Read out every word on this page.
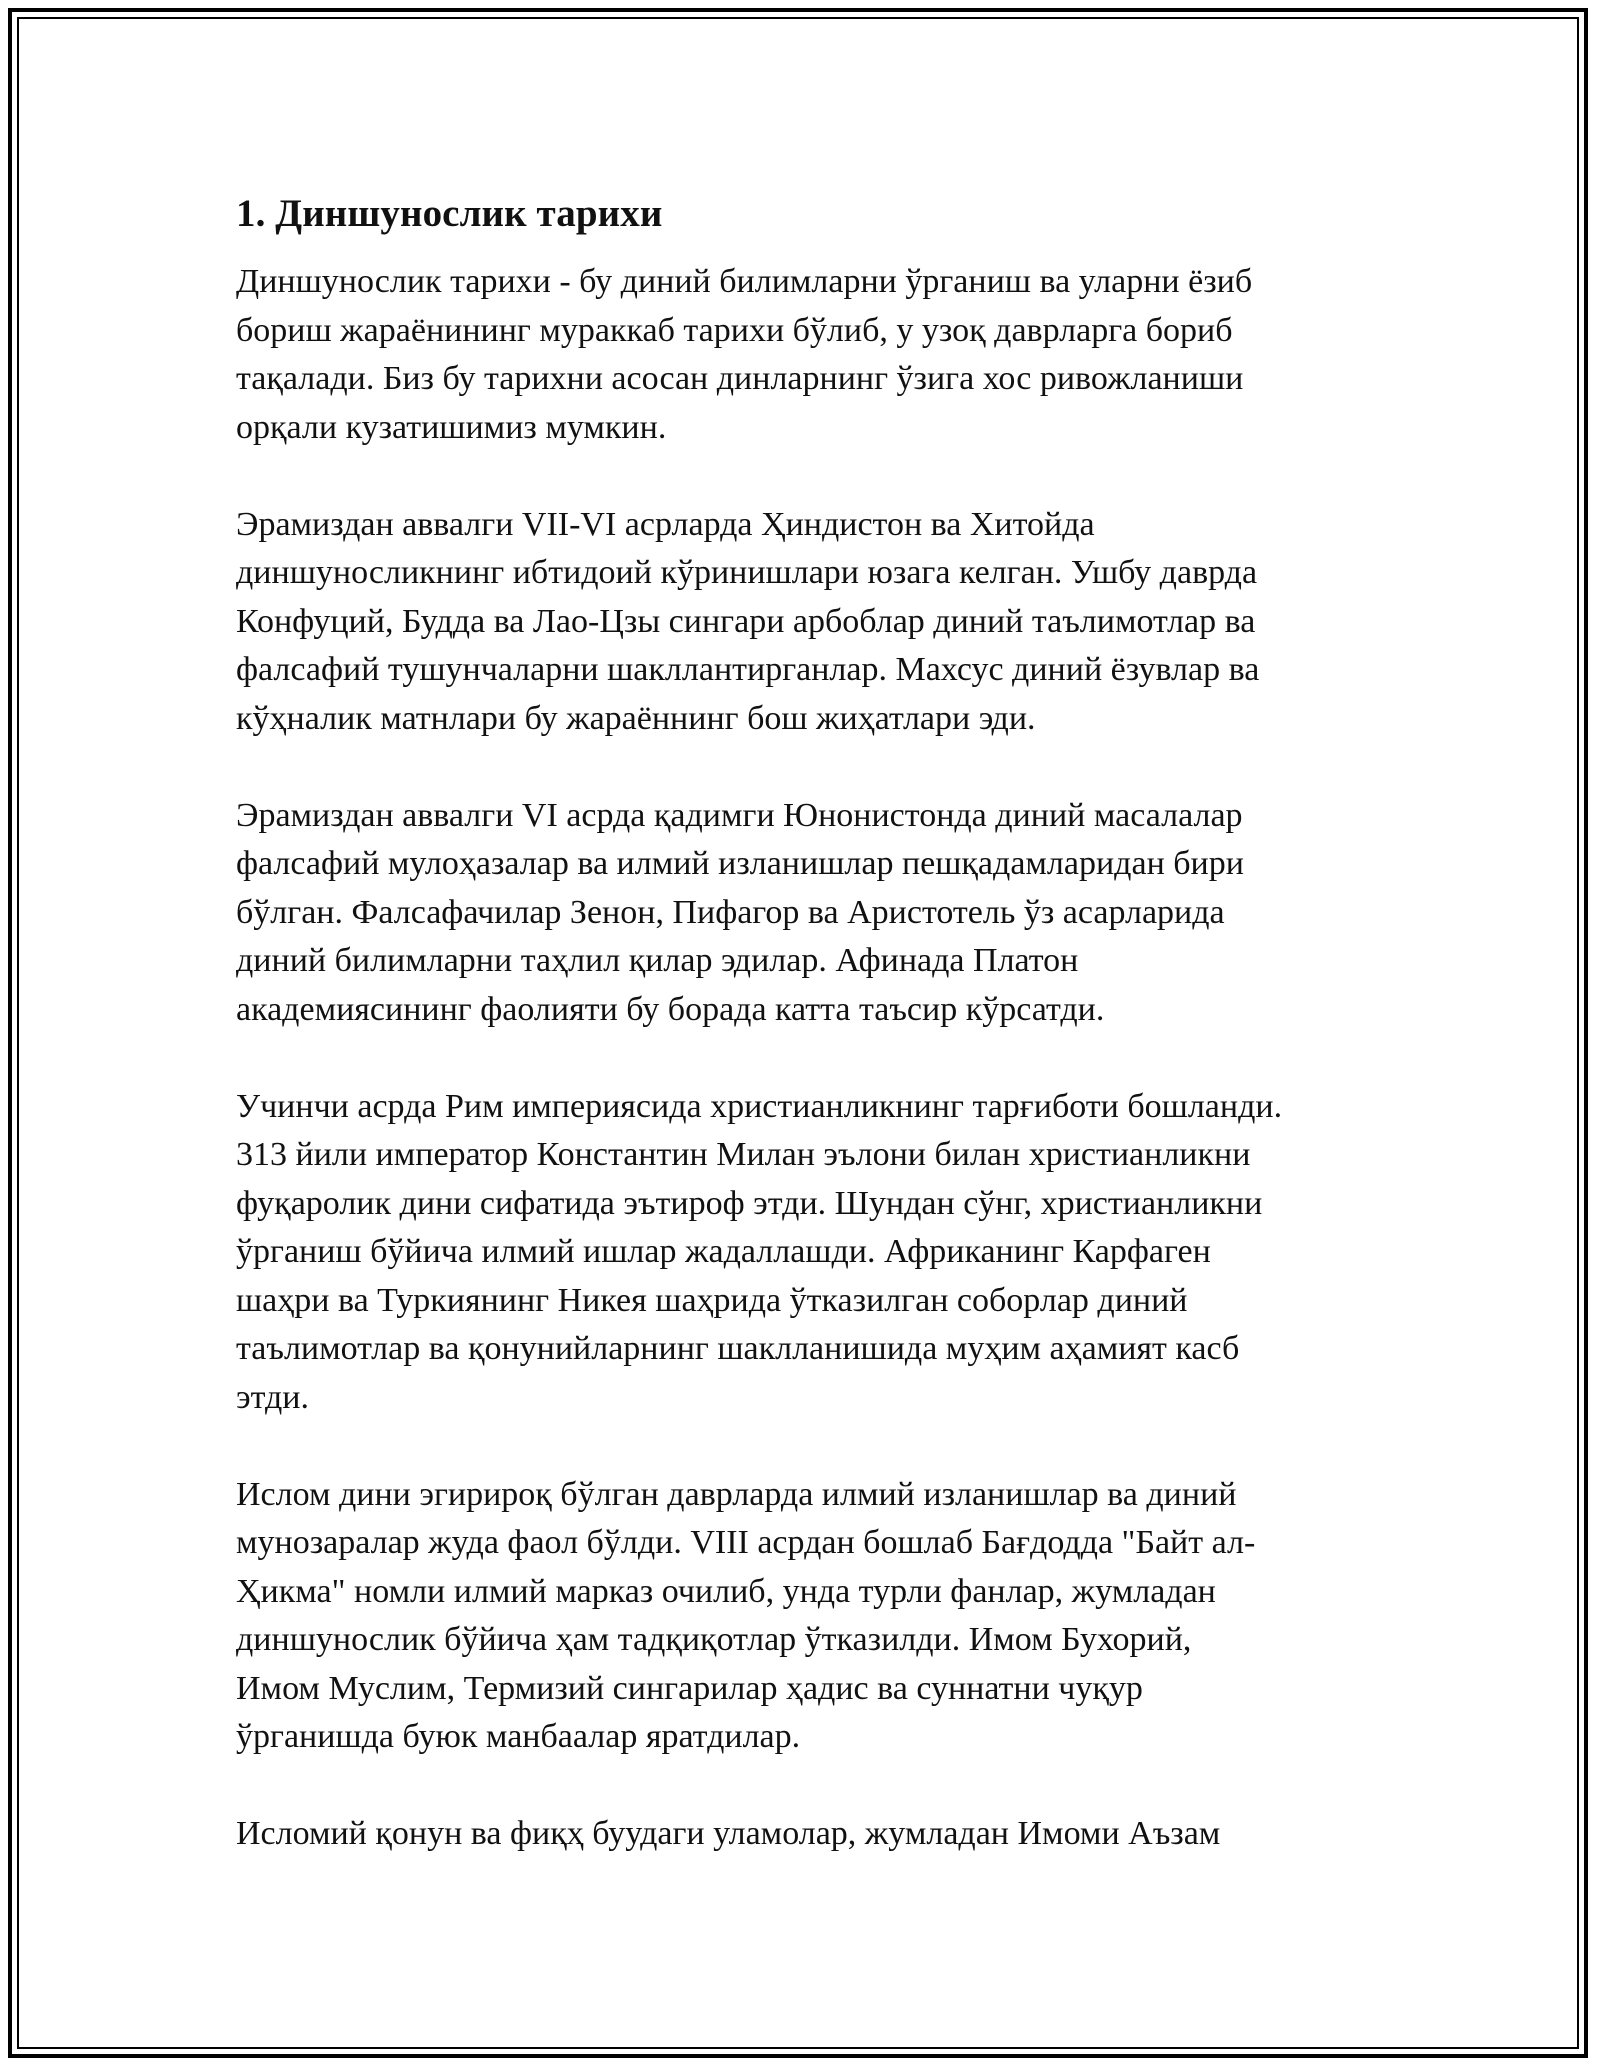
1. Диншунослик тарихи
Диншунослик тарихи - бу диний билимларни ўрганиш ва уларни ёзиб
бориш жараёнининг мураккаб тарихи бўлиб, у узоқ даврларга бориб
тақалади. Биз бу тарихни асосан динларнинг ўзига хос ривожланиши
орқали кузатишимиз мумкин.
Эрамиздан аввалги VII-VI асрларда Ҳиндистон ва Хитойда
диншуносликнинг ибтидоий кўринишлари юзага келган. Ушбу даврда
Конфуций, Будда ва Лао-Цзы сингари арбоблар диний таълимотлар ва
фалсафий тушунчаларни шакллантирганлар. Махсус диний ёзувлар ва
кўҳналик матнлари бу жараённинг бош жиҳатлари эди.
Эрамиздан аввалги VI асрда қадимги Юнонистонда диний масалалар
фалсафий мулоҳазалар ва илмий изланишлар пешқадамларидан бири
бўлган. Фалсафачилар Зенон, Пифагор ва Аристотель ўз асарларида
диний билимларни таҳлил қилар эдилар. Афинада Платон
академиясининг фаолияти бу борада катта таъсир кўрсатди.
Учинчи асрда Рим империясида христианликнинг тарғиботи бошланди.
313 йили император Константин Милан эълони билан христианликни
фуқаролик дини сифатида эътироф этди. Шундан сўнг, христианликни
ўрганиш бўйича илмий ишлар жадаллашди. Африканинг Карфаген
шаҳри ва Туркиянинг Никея шаҳрида ўтказилган соборлар диний
таълимотлар ва қонунийларнинг шаклланишида муҳим аҳамият касб
этди.
Ислом дини эгирироқ бўлган даврларда илмий изланишлар ва диний
мунозаралар жуда фаол бўлди. VIII асрдан бошлаб Бағдодда "Байт ал-
Ҳикма" номли илмий марказ очилиб, унда турли фанлар, жумладан
диншунослик бўйича ҳам тадқиқотлар ўтказилди. Имом Бухорий,
Имом Муслим, Термизий сингарилар ҳадис ва суннатни чуқур
ўрганишда буюк манбаалар яратдилар.
Исломий қонун ва фиқҳ буудаги уламолар, жумладан Имоми Аъзам
